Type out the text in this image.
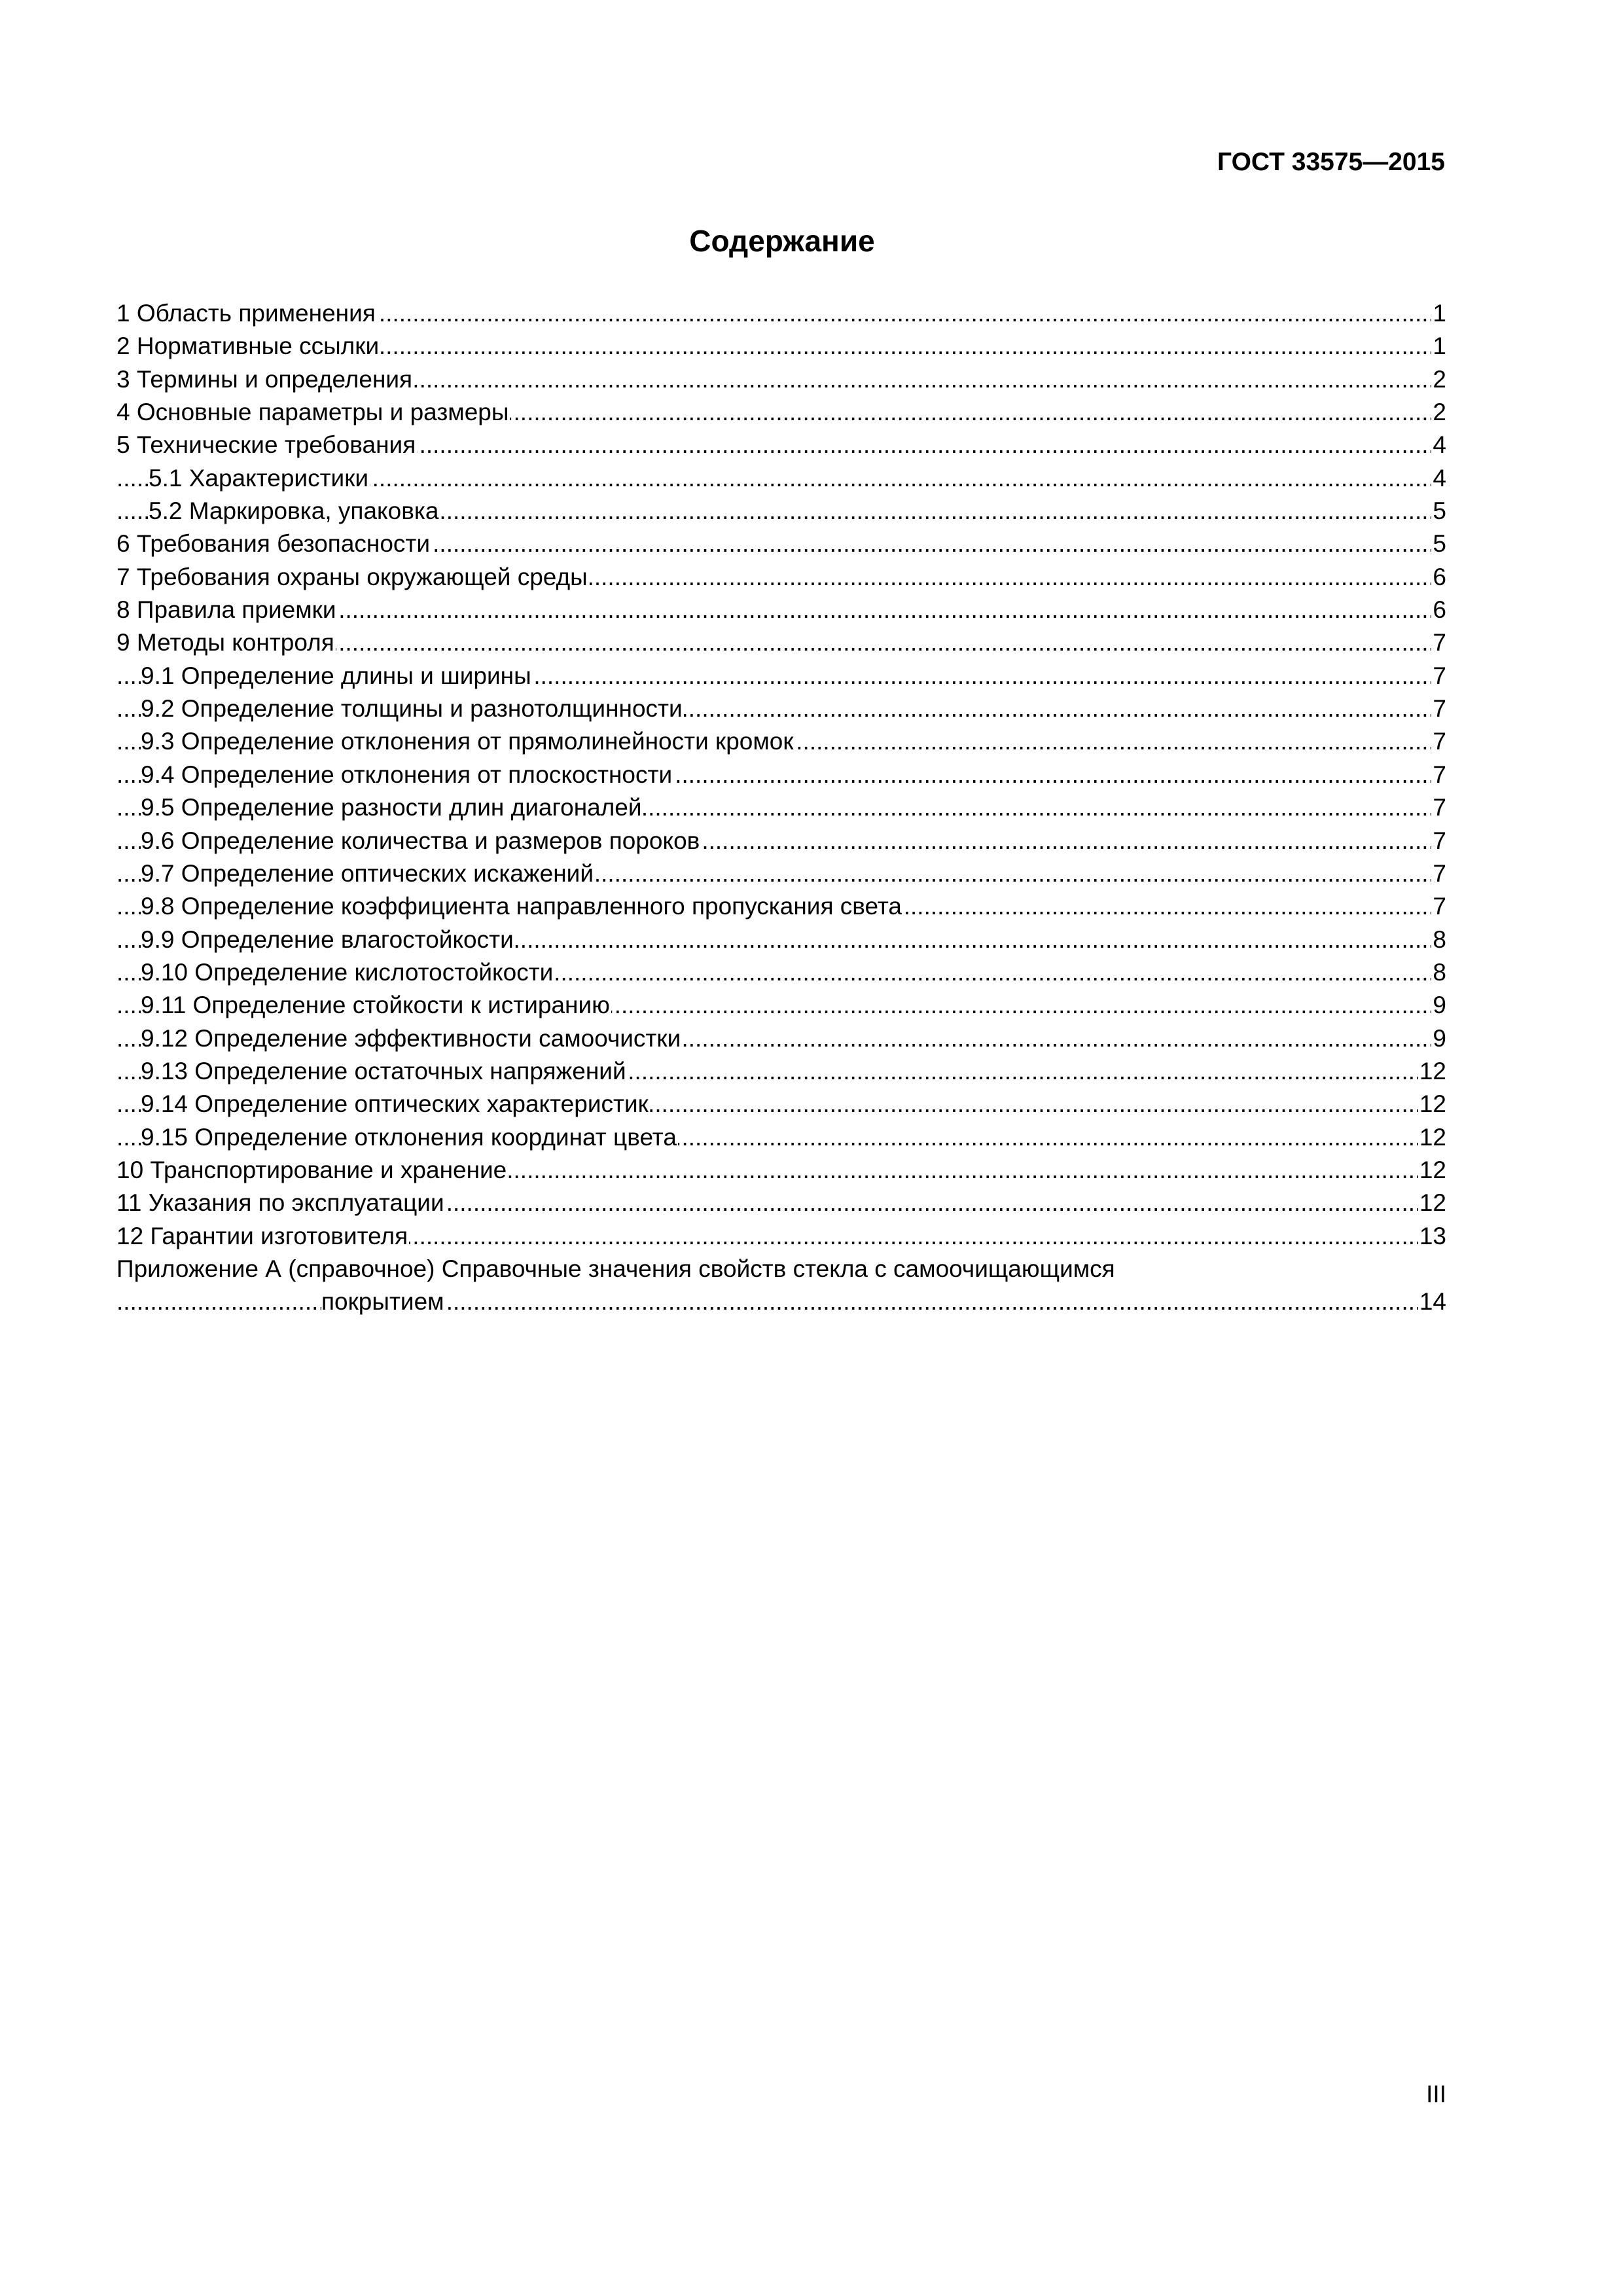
ГОСТ 33575—2015
Содержание
.....
1 Область применения	1
.....
2 Нормативные ссылки	1
.....
3 Термины и определения	2
.....
4 Основные параметры и размеры	2
.....
5 Технические требования	4
.....
5.1 Характеристики	4
.....
5.2 Маркировка, упаковка	5
.....
6 Требования безопасности	5
.....
7 Требования охраны окружающей среды	6
.....
8 Правила приемки	6
.....
9 Методы контроля	7
.....
9.1 Определение длины и ширины	7
.....
9.2 Определение толщины и разнотолщинности	7
.....
9.3 Определение отклонения от прямолинейности кромок	7
.....
9.4 Определение отклонения от плоскостности	7
.....
9.5 Определение разности длин диагоналей	7
.....
9.6 Определение количества и размеров пороков	7
.....
9.7 Определение оптических искажений	7
.....
9.8 Определение коэффициента направленного пропускания света	7
.....
9.9 Определение влагостойкости	8
.....
9.10 Определение кислотостойкости	8
.....
9.11 Определение стойкости к истиранию	9
.....
9.12 Определение эффективности самоочистки	9
.....
9.13 Определение остаточных напряжений	12
.....
9.14 Определение оптических характеристик	12
.....
9.15 Определение отклонения координат цвета	12
.....
10 Транспортирование и хранение	12
.....
11 Указания по эксплуатации	12
.....
12 Гарантии изготовителя	13
Приложение А (справочное) Справочные значения свойств стекла с самоочищающимся
.....
покрытием	14
III
